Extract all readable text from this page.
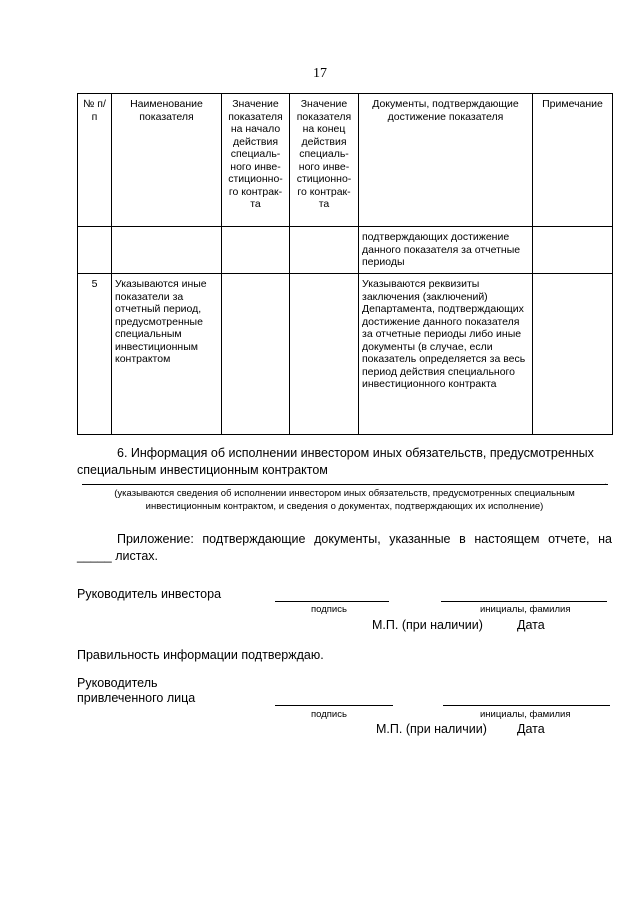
17
№ п/п	Наименование показателя	Значение показателя на начало действия специаль-ного инве-стиционно-го контрак-та	Значение показателя на конец действия специаль-ного инве-стиционно-го контрак-та	Документы, подтверждающие достижение показателя	Примечание
				подтверждающих достижение данного показателя за отчетные периоды	
5	Указываются иные показатели за отчетный период, предусмотренные специальным инвестиционным контрактом			Указываются реквизиты заключения (заключений) Департамента, подтверждающих достижение данного показателя за отчетные периоды либо иные документы (в случае, если показатель определяется за весь период действия специального инвестиционного контракта	
6. Информация об исполнении инвестором иных обязательств, предусмотренных специальным инвестиционным контрактом
.
(указываются сведения об исполнении инвестором иных обязательств, предусмотренных специальным инвестиционным контрактом, и сведения о документах, подтверждающих их исполнение)
Приложение: подтверждающие документы, указанные в настоящем отчете, на _____ листах.
Руководитель инвестора
подпись	инициалы, фамилия
М.П. (при наличии)	Дата
Правильность информации подтверждаю.
Руководитель
привлеченного лица
подпись	инициалы, фамилия
М.П. (при наличии) Дата
